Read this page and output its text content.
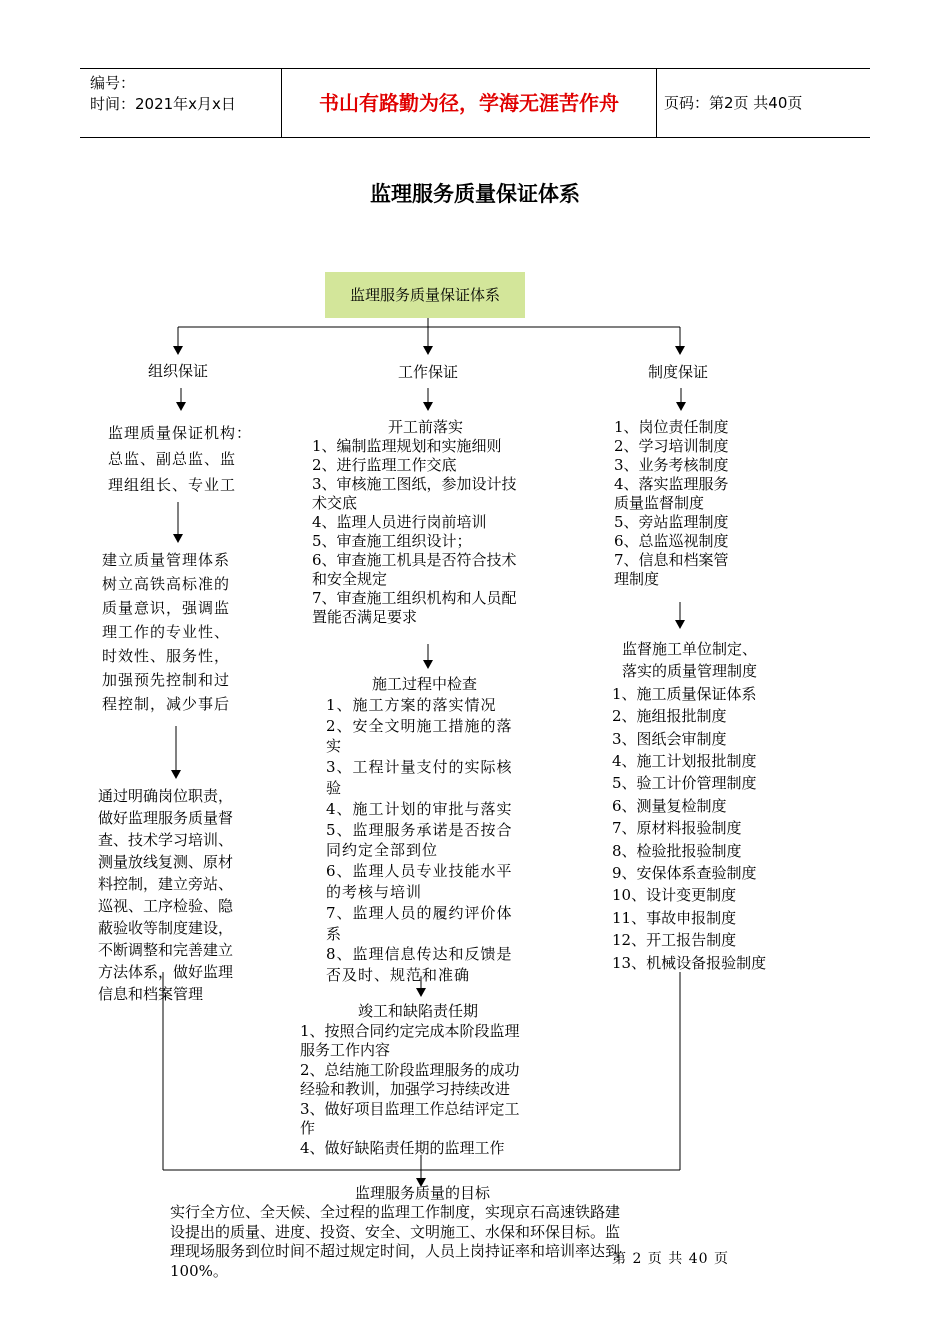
编号：
时间：2021年x月x日	书山有路勤为径，学海无涯苦作舟	页码：第2页 共40页
监理服务质量保证体系
监理服务质量保证体系
组织保证	工作保证	制度保证
监理质量保证机构：
总监、副总监、监
理组组长、专业工
建立质量管理体系
树立高铁高标准的
质量意识，强调监
理工作的专业性、
时效性、服务性，
加强预先控制和过
程控制，减少事后
通过明确岗位职责，
做好监理服务质量督
查、技术学习培训、
测量放线复测、原材
料控制，建立旁站、
巡视、工序检验、隐
蔽验收等制度建设，
不断调整和完善建立
方法体系，做好监理
信息和档案管理
开工前落实
1、编制监理规划和实施细则
2、进行监理工作交底
3、审核施工图纸，参加设计技
术交底
4、监理人员进行岗前培训
5、审查施工组织设计；
6、审查施工机具是否符合技术
和安全规定
7、审查施工组织机构和人员配
置能否满足要求
施工过程中检查
1、施工方案的落实情况
2、安全文明施工措施的落
实
3、工程计量支付的实际核
验
4、施工计划的审批与落实
5、监理服务承诺是否按合
同约定全部到位
6、监理人员专业技能水平
的考核与培训
7、监理人员的履约评价体
系
8、监理信息传达和反馈是
否及时、规范和准确
竣工和缺陷责任期
1、按照合同约定完成本阶段监理
服务工作内容
2、总结施工阶段监理服务的成功
经验和教训，加强学习持续改进
3、做好项目监理工作总结评定工
作
4、做好缺陷责任期的监理工作
1、岗位责任制度
2、学习培训制度
3、业务考核制度
4、落实监理服务
质量监督制度
5、旁站监理制度
6、总监巡视制度
7、信息和档案管
理制度
监督施工单位制定、
落实的质量管理制度
1、施工质量保证体系
2、施组报批制度
3、图纸会审制度
4、施工计划报批制度
5、验工计价管理制度
6、测量复检制度
7、原材料报验制度
8、检验批报验制度
9、安保体系查验制度
10、设计变更制度
11、事故申报制度
12、开工报告制度
13、机械设备报验制度
监理服务质量的目标
实行全方位、全天候、全过程的监理工作制度，实现京石高速铁路建
设提出的质量、进度、投资、安全、文明施工、水保和环保目标。监
理现场服务到位时间不超过规定时间，人员上岗持证率和培训率达到
100%。
第 2 页 共 40 页
